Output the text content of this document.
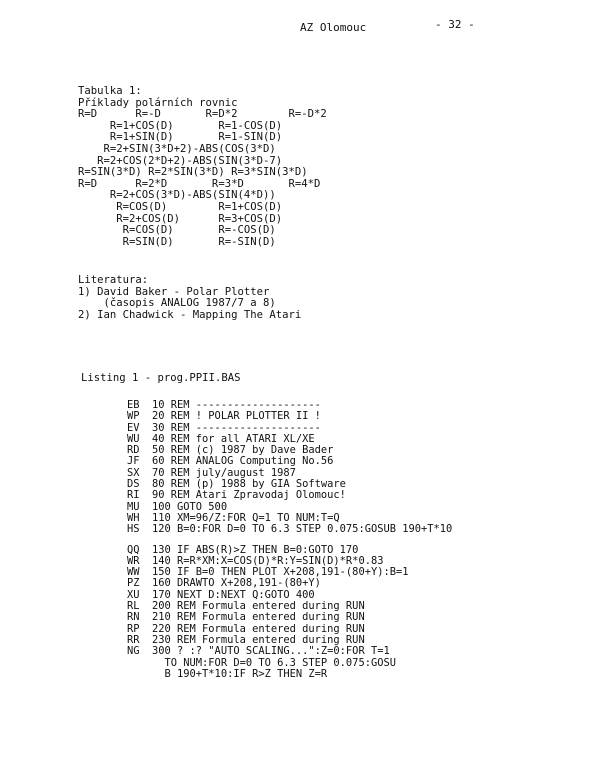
AZ Olomouc	- 32 -
Tabulka 1:
Příklady polárních rovnic
R=D      R=-D       R=D*2        R=-D*2
R=1+COS(D)       R=1-COS(D)
R=1+SIN(D)       R=1-SIN(D)
R=2+SIN(3*D+2)-ABS(COS(3*D)
R=2+COS(2*D+2)-ABS(SIN(3*D-7)
R=SIN(3*D) R=2*SIN(3*D) R=3*SIN(3*D)
R=D      R=2*D       R=3*D       R=4*D
R=2+COS(3*D)-ABS(SIN(4*D))
R=COS(D)        R=1+COS(D)
R=2+COS(D)      R=3+COS(D)
R=COS(D)       R=-COS(D)
R=SIN(D)       R=-SIN(D)
Literatura:
1) David Baker - Polar Plotter
(časopis ANALOG 1987/7 a 8)
2) Ian Chadwick - Mapping The Atari
Listing 1 - prog.PPII.BAS
EB 10 REM --------------------
WP 20 REM ! POLAR PLOTTER II !
EV 30 REM --------------------
WU 40 REM for all ATARI XL/XE
RD 50 REM (c) 1987 by Dave Bader
JF 60 REM ANALOG Computing No.56
SX 70 REM july/august 1987
DS 80 REM (p) 1988 by GIA Software
RI 90 REM Atari Zpravodaj Olomouc!
MU 100 GOTO 500
WH 110 XM=96/Z:FOR Q=1 TO NUM:T=Q
HS 120 B=0:FOR D=0 TO 6.3 STEP 0.075:GOSUB 190+T*10
QQ 130 IF ABS(R)>Z THEN B=0:GOTO 170
WR 140 R=R*XM:X=COS(D)*R:Y=SIN(D)*R*0.83
WW 150 IF B=0 THEN PLOT X+208,191-(80+Y):B=1
PZ 160 DRAWTO X+208,191-(80+Y)
XU 170 NEXT D:NEXT Q:GOTO 400
RL 200 REM Formula entered during RUN
RN 210 REM Formula entered during RUN
RP 220 REM Formula entered during RUN
RR 230 REM Formula entered during RUN
NG 300 ? :? "AUTO SCALING...":Z=0:FOR T=1
TO NUM:FOR D=0 TO 6.3 STEP 0.075:GOSU
B 190+T*10:IF R>Z THEN Z=R
